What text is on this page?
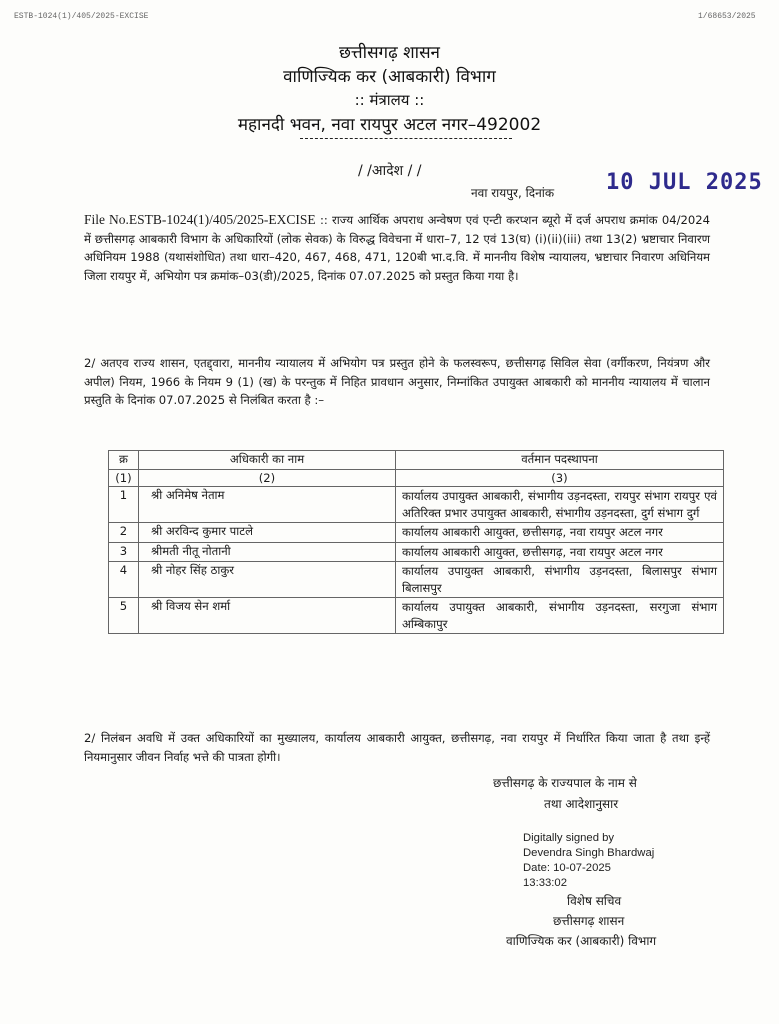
ESTB-1024(1)/405/2025-EXCISE	1/68653/2025
छत्तीसगढ़ शासन
वाणिज्यिक कर (आबकारी) विभाग
:: मंत्रालय ::
महानदी भवन, नवा रायपुर अटल नगर–492002
/ /आदेश / /
नवा रायपुर, दिनांक 10 JUL 2025
File No.ESTB-1024(1)/405/2025-EXCISE :: राज्य आर्थिक अपराध अन्वेषण एवं एन्टी करप्शन ब्यूरो में दर्ज अपराध क्रमांक 04/2024 में छत्तीसगढ़ आबकारी विभाग के अधिकारियों (लोक सेवक) के विरुद्ध विवेचना में धारा–7, 12 एवं 13(घ) (i)(ii)(iii) तथा 13(2) भ्रष्टाचार निवारण अधिनियम 1988 (यथासंशोधित) तथा धारा–420, 467, 468, 471, 120बी भा.द.वि. में माननीय विशेष न्यायालय, भ्रष्टाचार निवारण अधिनियम जिला रायपुर में, अभियोग पत्र क्रमांक–03(डी)/2025, दिनांक 07.07.2025 को प्रस्तुत किया गया है।
2/ अतएव राज्य शासन, एतद्द्वारा, माननीय न्यायालय में अभियोग पत्र प्रस्तुत होने के फलस्वरूप, छत्तीसगढ़ सिविल सेवा (वर्गीकरण, नियंत्रण और अपील) नियम, 1966 के नियम 9 (1) (ख) के परन्तुक में निहित प्रावधान अनुसार, निम्नांकित उपायुक्त आबकारी को माननीय न्यायालय में चालान प्रस्तुति के दिनांक 07.07.2025 से निलंबित करता है :–
क्र	अधिकारी का नाम	वर्तमान पदस्थापना
(1)	(2)	(3)
1	श्री अनिमेष नेताम	कार्यालय उपायुक्त आबकारी, संभागीय उड़नदस्ता, रायपुर संभाग रायपुर एवं अतिरिक्त प्रभार उपायुक्त आबकारी, संभागीय उड़नदस्ता, दुर्ग संभाग दुर्ग
2	श्री अरविन्द कुमार पाटले	कार्यालय आबकारी आयुक्त, छत्तीसगढ़, नवा रायपुर अटल नगर
3	श्रीमती नीतू नोतानी	कार्यालय आबकारी आयुक्त, छत्तीसगढ़, नवा रायपुर अटल नगर
4	श्री नोहर सिंह ठाकुर	कार्यालय उपायुक्त आबकारी, संभागीय उड़नदस्ता, बिलासपुर संभाग बिलासपुर
5	श्री विजय सेन शर्मा	कार्यालय उपायुक्त आबकारी, संभागीय उड़नदस्ता, सरगुजा संभाग अम्बिकापुर
2/ निलंबन अवधि में उक्त अधिकारियों का मुख्यालय, कार्यालय आबकारी आयुक्त, छत्तीसगढ़, नवा रायपुर में निर्धारित किया जाता है तथा इन्हें नियमानुसार जीवन निर्वाह भत्ते की पात्रता होगी।
छत्तीसगढ़ के राज्यपाल के नाम से
तथा आदेशानुसार
Digitally signed by
Devendra Singh Bhardwaj
Date: 10-07-2025
13:33:02
विशेष सचिव
छत्तीसगढ़ शासन
वाणिज्यिक कर (आबकारी) विभाग
